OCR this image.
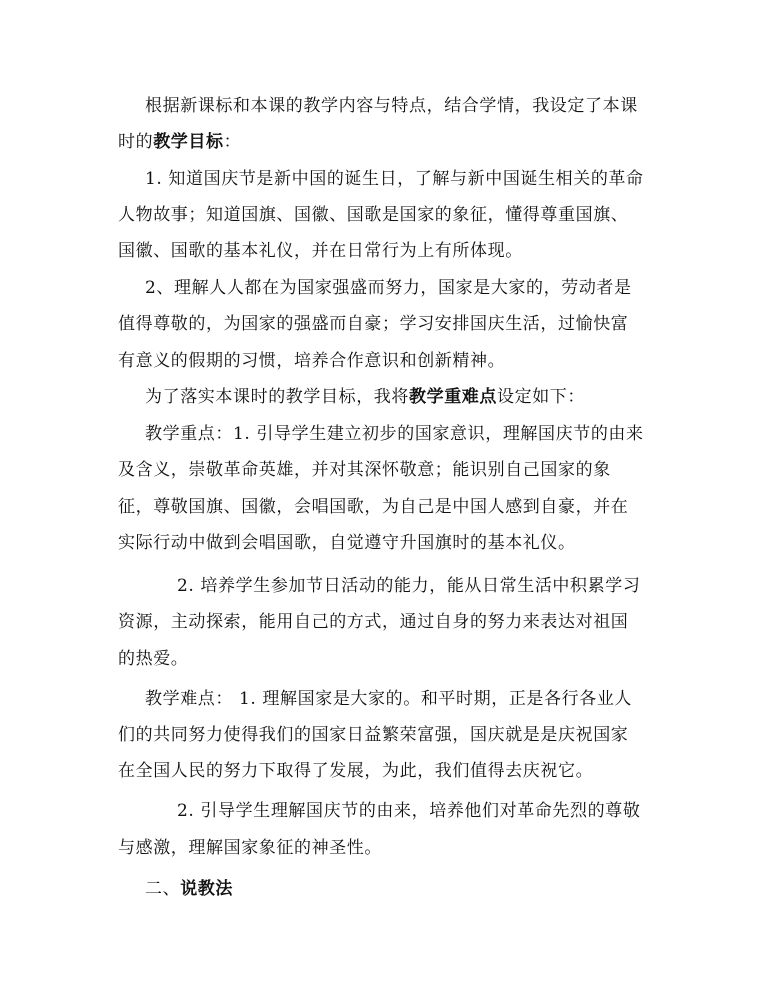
根据新课标和本课的教学内容与特点，结合学情，我设定了本课
时的教学目标：
1. 知道国庆节是新中国的诞生日，了解与新中国诞生相关的革命
人物故事；知道国旗、国徽、国歌是国家的象征，懂得尊重国旗、
国徽、国歌的基本礼仪，并在日常行为上有所体现。
2、理解人人都在为国家强盛而努力，国家是大家的，劳动者是
值得尊敬的，为国家的强盛而自豪；学习安排国庆生活，过愉快富
有意义的假期的习惯，培养合作意识和创新精神。
为了落实本课时的教学目标，我将教学重难点设定如下：
教学重点：1. 引导学生建立初步的国家意识，理解国庆节的由来
及含义，崇敬革命英雄，并对其深怀敬意；能识别自己国家的象
征，尊敬国旗、国徽，会唱国歌，为自己是中国人感到自豪，并在
实际行动中做到会唱国歌，自觉遵守升国旗时的基本礼仪。
2. 培养学生参加节日活动的能力，能从日常生活中积累学习
资源，主动探索，能用自己的方式，通过自身的努力来表达对祖国
的热爱。
教学难点： 1. 理解国家是大家的。和平时期，正是各行各业人
们的共同努力使得我们的国家日益繁荣富强，国庆就是是庆祝国家
在全国人民的努力下取得了发展，为此，我们值得去庆祝它。
2. 引导学生理解国庆节的由来，培养他们对革命先烈的尊敬
与感激，理解国家象征的神圣性。
二、说教法
